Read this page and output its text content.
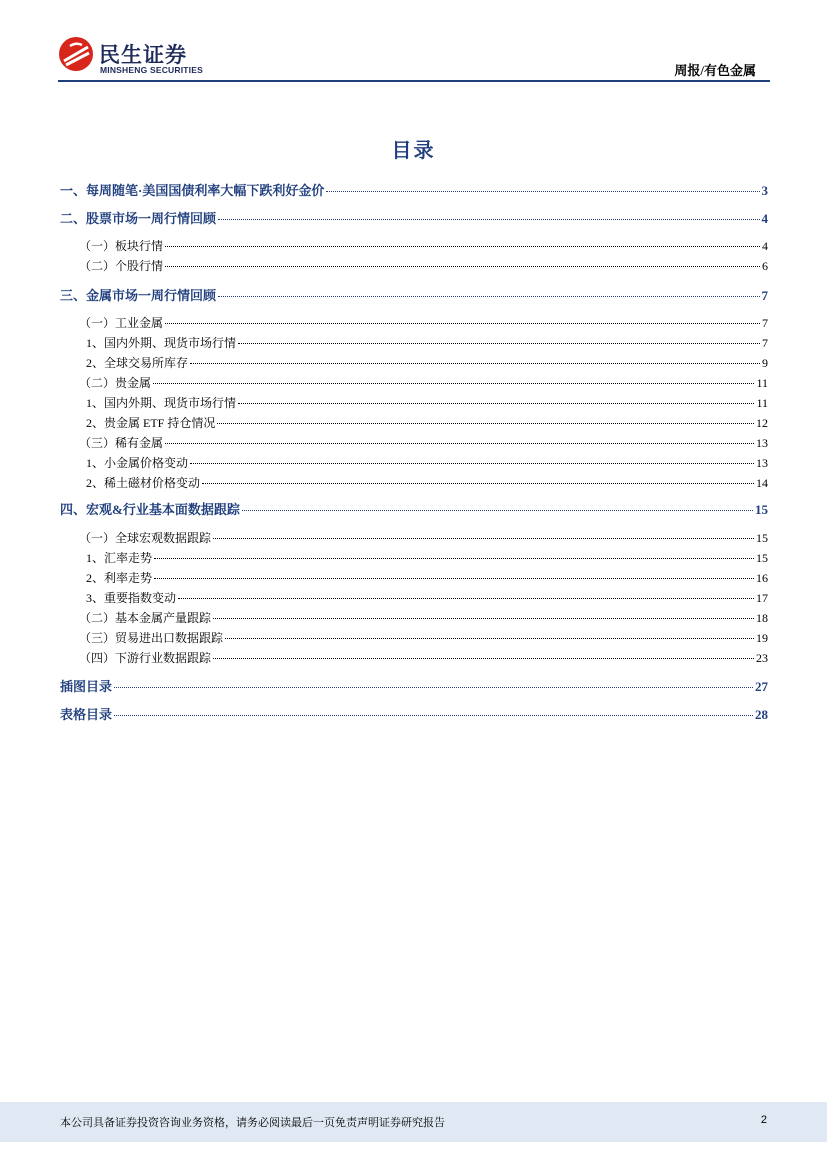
民生证券
MINSHENG SECURITIES	周报/有色金属
目录
一、每周随笔·美国国债利率大幅下跌利好金价	3
二、股票市场一周行情回顾	4
（一）板块行情	4
（二）个股行情	6
三、金属市场一周行情回顾	7
（一）工业金属	7
1、国内外期、现货市场行情	7
2、全球交易所库存	9
（二）贵金属	11
1、国内外期、现货市场行情	11
2、贵金属 ETF 持仓情况	12
（三）稀有金属	13
1、小金属价格变动	13
2、稀土磁材价格变动	14
四、宏观&行业基本面数据跟踪	15
（一）全球宏观数据跟踪	15
1、汇率走势	15
2、利率走势	16
3、重要指数变动	17
（二）基本金属产量跟踪	18
（三）贸易进出口数据跟踪	19
（四）下游行业数据跟踪	23
插图目录	27
表格目录	28
本公司具备证券投资咨询业务资格，请务必阅读最后一页免责声明证券研究报告	2
